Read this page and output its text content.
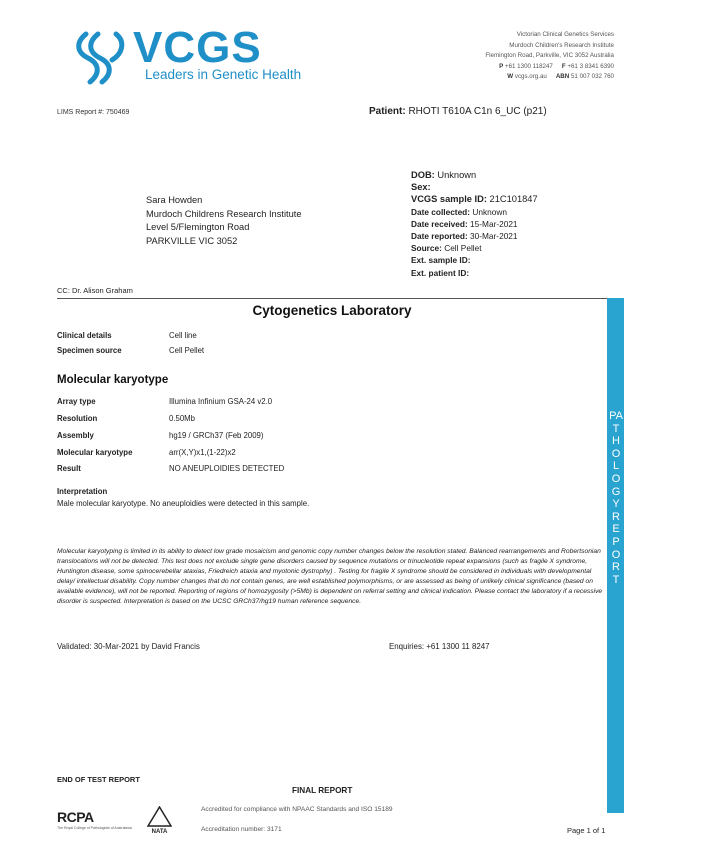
VCGS
Leaders in Genetic Health
Victorian Clinical Genetics Services
Murdoch Children's Research Institute
Flemington Road, Parkville, VIC 3052 Australia
P +61 1300 118247 F +61 3 8341 6390
W vcgs.org.au ABN 51 007 032 760
LIMS Report #: 750469	Patient: RHOTI T610A C1n 6_UC (p21)
Sara Howden
Murdoch Childrens Research Institute
Level 5/Flemington Road
PARKVILLE VIC 3052
DOB: Unknown
Sex:
VCGS sample ID: 21C101847
Date collected: Unknown
Date received: 15-Mar-2021
Date reported: 30-Mar-2021
Source: Cell Pellet
Ext. sample ID:
Ext. patient ID:
CC: Dr. Alison Graham
Cytogenetics Laboratory
PATHOLOGY REPORT
Clinical details	Cell line
Specimen source	Cell Pellet
Molecular karyotype
Array type	Illumina Infinium GSA-24 v2.0
Resolution	0.50Mb
Assembly	hg19 / GRCh37 (Feb 2009)
Molecular karyotype	arr(X,Y)x1,(1-22)x2
Result	NO ANEUPLOIDIES DETECTED
Interpretation
Male molecular karyotype. No aneuploidies were detected in this sample.
Molecular karyotyping is limited in its ability to detect low grade mosaicism and genomic copy number changes below the resolution stated. Balanced rearrangements and Robertsonian translocations will not be detected. This test does not exclude single gene disorders caused by sequence mutations or trinucleotide repeat expansions (such as fragile X syndrome, Huntington disease, some spinocerebellar ataxias, Friedreich ataxia and myotonic dystrophy) . Testing for fragile X syndrome should be considered in individuals with developmental delay/ intellectual disability. Copy number changes that do not contain genes, are well established polymorphisms, or are assessed as being of unlikely clinical significance (based on available evidence), will not be reported. Reporting of regions of homozygosity (>5Mb) is dependent on referral setting and clinical indication. Please contact the laboratory if a recessive disorder is suspected. Interpretation is based on the UCSC GRCh37/hg19 human reference sequence.
Validated: 30-Mar-2021 by David Francis	Enquiries: +61 1300 11 8247
END OF TEST REPORT
FINAL REPORT
RCPA
The Royal College of Pathologists of Australasia
NATA
Accredited for compliance with NPAAC Standards and ISO 15189
Accreditation number: 3171	Page 1 of 1
